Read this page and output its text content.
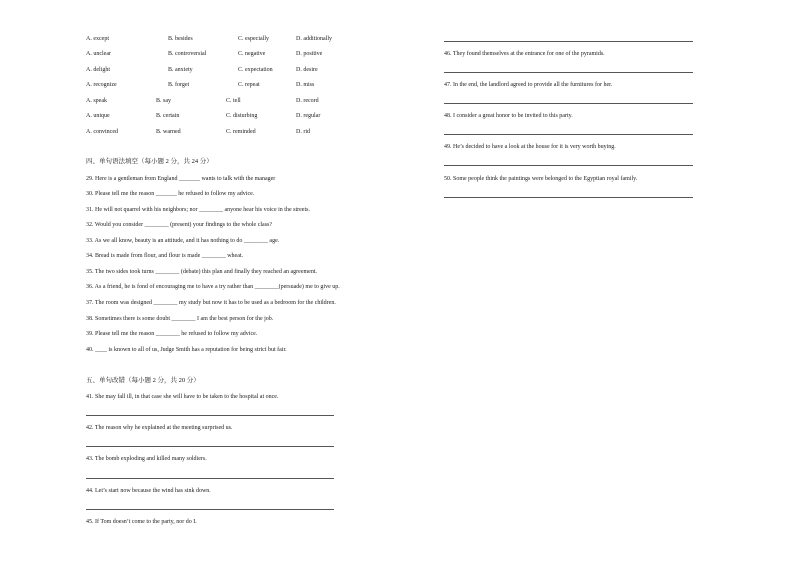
A. except	B. besides	C. especially	D. additionally
A. unclear	B. controversial	C. negative	D. positive
A. delight	B. anxiety	C. expectation	D. desire
A. recognize	B. forget	C. repeat	D. miss
A. speak	B. say	C. tell	D. record
A. unique	B. certain	C. disturbing	D. regular
A. convinced	B. warned	C. reminded	D. rid
四、单句语法填空（每小题 2 分，共 24 分）
29. Here is a gentleman from England _______ wants to talk with the manager
30. Please tell me the reason _______ he refused to follow my advice.
31. He will not quarrel with his neighbors; nor ________ anyone hear his voice in the streets.
32. Would you consider ________ (present) your findings to the whole class?
33. As we all know, beauty is an attitude, and it has nothing to do ________ age.
34. Bread is made from flour, and flour is made ________ wheat.
35. The two sides took turns ________ (debate) this plan and finally they reached an agreement.
36. As a friend, he is fond of encouraging me to have a try rather than ________(persuade) me to give up.
37. The room was designed ________ my study but now it has to be used as a bedroom for the children.
38. Sometimes there is some doubt ________ I am the best person for the job.
39. Please tell me the reason ________ he refused to follow my advice.
40. ____ is known to all of us, Judge Smith has a reputation for being strict but fair.
五、单句改错（每小题 2 分，共 20 分）
41. She may fall ill, in that case she will have to be taken to the hospital at once.
42. The reason why he explained at the meeting surprised us.
43. The bomb exploding and killed many soldiers.
44. Let’s start now because the wind has sink down.
45. If Tom doesn’t come to the party, nor do I.
46. They found themselves at the entrance for one of the pyramids.
47. In the end, the landlord agreed to provide all the furnitures for her.
48. I consider a great honor to be invited to this party.
49. He’s decided to have a look at the house for it is very worth buying.
50. Some people think the paintings were belonged to the Egyptian royal family.
